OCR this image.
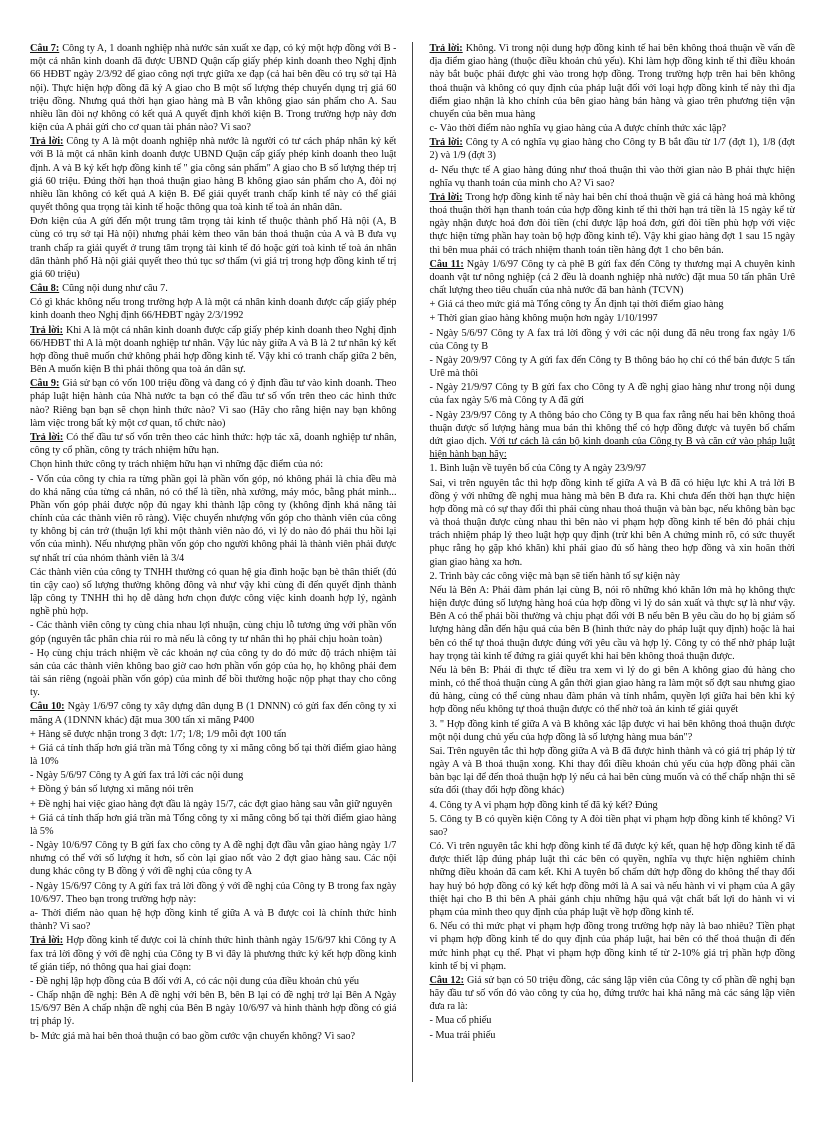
Câu 7: Công ty A, 1 doanh nghiệp nhà nước sản xuất xe đạp, có ký một hợp đồng với B - một cá nhân kinh doanh đã được UBND Quận cấp giấy phép kinh doanh theo Nghị định 66 HĐBT ngày 2/3/92 để giao công nợi trực giữa xe đạp (cả hai bên đều có trụ sở tại Hà nội). Thực hiện hợp đồng đã ký A giao cho B một số lượng thép chuyển dụng trị giá 60 triệu đồng. Nhưng quá thời hạn giao hàng mà B vẫn không giao sản phẩm cho A. Sau nhiều lần đòi nợ không có kết quả A quyết định khởi kiện B. Trong trường hợp này đơn kiện của A phải gửi cho cơ quan tài phán nào? Vì sao?

Trả lời: Công ty A là một doanh nghiệp nhà nước là người có tư cách pháp nhân ký kết với B là một cá nhân kinh doanh được UBND Quận cấp giấy phép kinh doanh theo luật định. A và B ký kết hợp đồng kinh tế " gia công sản phẩm" A giao cho B số lượng thép trị giá 60 triệu. Đúng thời hạn thoả thuận giao hàng B không giao sản phẩm cho A, đòi nợ nhiều lần không có kết quả A kiện B. Để giải quyết tranh chấp kinh tế này có thể giải quyết thông qua trọng tài kinh tế hoặc thông qua toà kinh tế toà án nhân dân.

Đơn kiện của A gửi đến một trung tâm trọng tài kinh tế thuộc thành phố Hà nội (A, B cùng có trụ sở tại Hà nội) nhưng phải kèm theo văn bản thoả thuận của A và B đưa vụ tranh chấp ra giải quyết ở trung tâm trọng tài kinh tế đó hoặc gửi toà kinh tế toà án nhân dân thành phố Hà nội giải quyết theo thủ tục sơ thẩm (vì giá trị trong hợp đồng kinh tế trị giá 60 triệu)

Câu 8: Cũng nội dung như câu 7.

Có gì khác không nếu trong trường hợp A là một cá nhân kinh doanh được cấp giấy phép kinh doanh theo Nghị định 66/HĐBT ngày 2/3/1992

Trả lời: Khi A là một cá nhân kinh doanh được cấp giấy phép kinh doanh theo Nghị định 66/HĐBT thì A là một doanh nghiệp tư nhân. Vậy lúc này giữa A và B là 2 tư nhân ký kết hợp đồng thuê muốn chứ không phải hợp đồng kinh tế. Vậy khi có tranh chấp giữa 2 bên, Bên A muốn kiện B thì phải thông qua toà án dân sự.

Câu 9: Giả sử bạn có vốn 100 triệu đồng và đang có ý định đầu tư vào kinh doanh. Theo pháp luật hiện hành của Nhà nước ta bạn có thể đầu tư số vốn trên theo các hình thức nào? Riêng bạn bạn sẽ chọn hình thức nào? Vì sao (Hãy cho rằng hiện nay bạn không làm việc trong bất kỳ một cơ quan, tổ chức nào)

Trả lời: Có thể đầu tư số vốn trên theo các hình thức: hợp tác xã, doanh nghiệp tư nhân, công ty cổ phần, công ty trách nhiệm hữu hạn.

Chọn hình thức công ty trách nhiệm hữu hạn vì những đặc điểm của nó:

- Vốn của công ty chia ra từng phần gọi là phần vốn góp, nó không phải là chia đều mà do khả năng của từng cá nhân, nó có thể là tiền, nhà xưởng, máy móc, bằng phát minh... Phần vốn góp phải được nộp đủ ngay khi thành lập công ty (không định khả năng tài chính của các thành viên rõ ràng). Việc chuyển nhượng vốn góp cho thành viên của công ty không bị cản trở (thuận lợi khi một thành viên nào đó, vì lý do nào đó phải thu hồi lại vốn của mình). Nếu nhượng phần vốn góp cho người không phải là thành viên phải được sự nhất trí của nhóm thành viên là 3/4

Các thành viên của công ty TNHH thường có quan hệ gia đình hoặc bạn bè thân thiết (đủ tin cậy cao) số lượng thường không đông và như vậy khi cùng đi đến quyết định thành lập công ty TNHH thì họ dễ dàng hơn chọn được công việc kinh doanh hợp lý, ngành nghề phù hợp.

- Các thành viên công ty cùng chia nhau lợi nhuận, cùng chịu lỗ tương ứng với phần vốn góp (nguyên tắc phân chia rủi ro mà nếu là công ty tư nhân thì họ phải chịu hoàn toàn)

- Họ cùng chịu trách nhiệm về các khoản nợ của công ty do đó mức độ trách nhiệm tài sản của các thành viên không bao giờ cao hơn phần vốn góp của họ, họ không phải đem tài sản riêng (ngoài phần vốn góp) của mình để bồi thường hoặc nộp phạt thay cho công ty.

Câu 10: Ngày 1/6/97 công ty xây dựng dân dụng B (1 DNNN) có gửi fax đến công ty xi măng A (1DNNN khác) đặt mua 300 tấn xi măng P400

+ Hàng sẽ được nhận trong 3 đợt: 1/7; 1/8; 1/9 mỗi đợt 100 tấn

+ Giá cả tính thấp hơn giá trần mà Tổng công ty xi măng công bố tại thời điểm giao hàng là 10%

- Ngày 5/6/97 Công ty A gửi fax trả lời các nội dung

+ Đồng ý bán số lượng xi măng nói trên

+ Đề nghị hai việc giao hàng đợt đầu là ngày 15/7, các đợt giao hàng sau vẫn giữ nguyên

+ Giá cả tính thấp hơn giá trần mà Tổng công ty xi măng công bố tại thời điểm giao hàng là 5%

- Ngày 10/6/97 Công ty B gửi fax cho công ty A đề nghị đợt đầu vẫn giao hàng ngày 1/7 nhưng có thể với số lượng ít hơn, số còn lại giao nốt vào 2 đợt giao hàng sau. Các nội dung khác công ty B đồng ý với đề nghị của công ty A

- Ngày 15/6/97 Công ty A gửi fax trả lời đồng ý với đề nghị của Công ty B trong fax ngày 10/6/97. Theo bạn trong trường hợp này:

a- Thời điểm nào quan hệ hợp đồng kinh tế giữa A và B được coi là chính thức hình thành? Vì sao?

Trả lời: Hợp đồng kinh tế được coi là chính thức hình thành ngày 15/6/97 khi Công ty A fax trả lời đồng ý với đề nghị của Công ty B vì đây là phương thức ký kết hợp đồng kinh tế gián tiếp, nó thông qua hai giai đoạn:

- Đề nghị lập hợp đồng của B đối với A, có các nội dung của điều khoản chủ yếu

- Chấp nhận đề nghị: Bên A đề nghị với bên B, bên B lại có đề nghị trở lại Bên A Ngày 15/6/97 Bên A chấp nhận đề nghị của Bên B ngày 10/6/97 và hình thành hợp đồng có giá trị pháp lý.

b- Mức giá mà hai bên thoả thuận có bao gồm cước vận chuyển không? Vì sao?

Trả lời: Không. Vì trong nội dung hợp đồng kinh tế hai bên không thoả thuận về vấn đề địa điểm giao hàng (thuộc điều khoản chủ yếu). Khi làm hợp đồng kinh tế thì điều khoản này bắt buộc phải được ghi vào trong hợp đồng. Trong trường hợp trên hai bên không thoả thuận và không có quy định của pháp luật đối với loại hợp đồng kinh tế này thì địa điểm giao nhận là kho chính của bên giao hàng bán hàng và giao trên phương tiện vận chuyển của bên mua hàng

c- Vào thời điểm nào nghĩa vụ giao hàng của A được chính thức xác lập?

Trả lời: Công ty A có nghĩa vụ giao hàng cho Công ty B bắt đầu từ 1/7 (đợt 1), 1/8 (đợt 2) và 1/9 (đợt 3)

d- Nếu thực tế A giao hàng đúng như thoả thuận thì vào thời gian nào B phải thực hiện nghĩa vụ thanh toán của mình cho A? Vì sao?

Trả lời: Trong hợp đồng kinh tế này hai bên chỉ thoả thuận về giá cả hàng hoá mà không thoả thuận thời hạn thanh toán của hợp đồng kinh tế thì thời hạn trả tiền là 15 ngày kể từ ngày nhận được hoá đơn đòi tiền (chỉ được lập hoá đơn, gửi đòi tiền phù hợp với việc thực hiện từng phần hay toàn bộ hợp đồng kinh tế). Vậy khi giao hàng đợt 1 sau 15 ngày thì bên mua phải có trách nhiệm thanh toán tiền hàng đợt 1 cho bên bán.

Câu 11: Ngày 1/6/97 Công ty cà phê B gửi fax đến Công ty thương mại A chuyên kinh doanh vật tư nông nghiệp (cả 2 đều là doanh nghiệp nhà nước) đặt mua 50 tấn phân Urê chất lượng theo tiêu chuẩn của nhà nước đã ban hành (TCVN)

+ Giá cả theo mức giá mà Tổng công ty Ấn định tại thời điểm giao hàng

+ Thời gian giao hàng không muộn hơn ngày 1/10/1997

- Ngày 5/6/97 Công ty A fax trả lời đồng ý với các nội dung đã nêu trong fax ngày 1/6 của Công ty B

- Ngày 20/9/97 Công ty A gửi fax đến Công ty B thông báo họ chỉ có thể bán được 5 tấn Urê mà thôi

- Ngày 21/9/97 Công ty B gửi fax cho Công ty A đề nghị giao hàng như trong nội dung của fax ngày 5/6 mà Công ty A đã gửi

- Ngày 23/9/97 Công ty A thông báo cho Công ty B qua fax rằng nếu hai bên không thoả thuận được số lượng hàng mua bán thì không thể có hợp đồng được và tuyên bố chấm dứt giao dịch. Với tư cách là cán bộ kinh doanh của Công ty B và căn cứ vào pháp luật hiện hành bạn hãy:

1. Bình luận về tuyên bố của Công ty A ngày 23/9/97

Sai, vì trên nguyên tắc thì hợp đồng kinh tế giữa A và B đã có hiệu lực khi A trả lời B đồng ý với những đề nghị mua hàng mà bên B đưa ra. Khi chưa đến thời hạn thực hiện hợp đồng mà có sự thay đổi thì phải cùng nhau thoả thuận và bàn bạc, nếu không bàn bạc và thoả thuận được cùng nhau thì bên nào vi phạm hợp đồng kinh tế bên đó phải chịu trách nhiệm pháp lý theo luật hợp quy định (trừ khi bên A chứng minh rõ, có sức thuyết phục rằng họ gặp khó khăn) khi phải giao đủ số hàng theo hợp đồng và xin hoãn thời gian giao hàng xa hơn.

2. Trình bày các công việc mà bạn sẽ tiến hành tố sự kiện này

Nếu là Bên A: Phải đàm phán lại cùng B, nói rõ những khó khăn lớn mà họ không thực hiện được đúng số lượng hàng hoá của hợp đồng vì lý do sản xuất và thực sự là như vậy. Bên A có thể phải bồi thường và chịu phạt đối với B nếu bên B yêu cầu do họ bị giảm số lượng hàng dẫn đến hậu quả của bên B (hình thức này do pháp luật quy định) hoặc là hai bên có thể tự thoả thuận được đúng với yêu cầu và hợp lý. Công ty có thể nhờ pháp luật hay trọng tài kinh tế đứng ra giải quyết khi hai bên không thoả thuận được.

Nếu là bên B: Phải đi thực tế điều tra xem vì lý do gì bên A không giao đủ hàng cho mình, có thể thoả thuận cùng A gắn thời gian giao hàng ra làm một số đợt sau nhưng giao đủ hàng, cùng có thể cùng nhau đàm phán và tính nhắm, quyền lợi giữa hai bên khi ký hợp đồng nếu không tự thoả thuận được có thể nhờ toà án kinh tế giải quyết

3. " Hợp đồng kinh tế giữa A và B không xác lập được vì hai bên không thoả thuận được một nội dung chủ yếu của hợp đồng là số lượng hàng mua bán"?

Sai. Trên nguyên tắc thì hợp đồng giữa A và B đã được hình thành và có giá trị pháp lý từ ngày A và B thoả thuận xong. Khi thay đổi điều khoản chủ yếu của hợp đồng phải cần bàn bạc lại để đến thoả thuận hợp lý nếu cả hai bên cùng muốn và có thể chấp nhận thì sẽ sửa đổi (thay đổi hợp đồng khác)

4. Công ty A vi phạm hợp đồng kinh tế đã ký kết? Đúng

5. Công ty B có quyền kiện Công ty A đòi tiền phạt vi phạm hợp đồng kinh tế không? Vì sao?

Có. Vì trên nguyên tắc khi hợp đồng kinh tế đã được ký kết, quan hệ hợp đồng kinh tế đã được thiết lập đúng pháp luật thì các bên có quyền, nghĩa vụ thực hiện nghiêm chỉnh những điều khoản đã cam kết. Khi A tuyên bố chấm dứt hợp đồng do không thể thay đổi hay huỷ bỏ hợp đồng có ký kết hợp đồng mới là A sai và nếu hành vi vi phạm của A gây thiệt hại cho B thì bên A phải gánh chịu những hậu quả vật chất bất lợi do hành vi vi phạm của mình theo quy định của pháp luật về hợp đồng kinh tế.

6. Nếu có thì mức phạt vi phạm hợp đồng trong trường hợp này là bao nhiêu? Tiền phạt vi phạm hợp đồng kinh tế do quy định của pháp luật, hai bên có thể thoả thuận đi đến mức hình phạt cụ thể. Phạt vi phạm hợp đồng kinh tế từ 2-10% giá trị phần hợp đồng kinh tế bị vi phạm.

Câu 12: Giả sử bạn có 50 triệu đồng, các sáng lập viên của Công ty cổ phần đề nghị bạn hãy đầu tư số vốn đó vào công ty của họ, đứng trước hai khả năng mà các sáng lập viên đưa ra là:

- Mua cổ phiếu

- Mua trái phiếu
